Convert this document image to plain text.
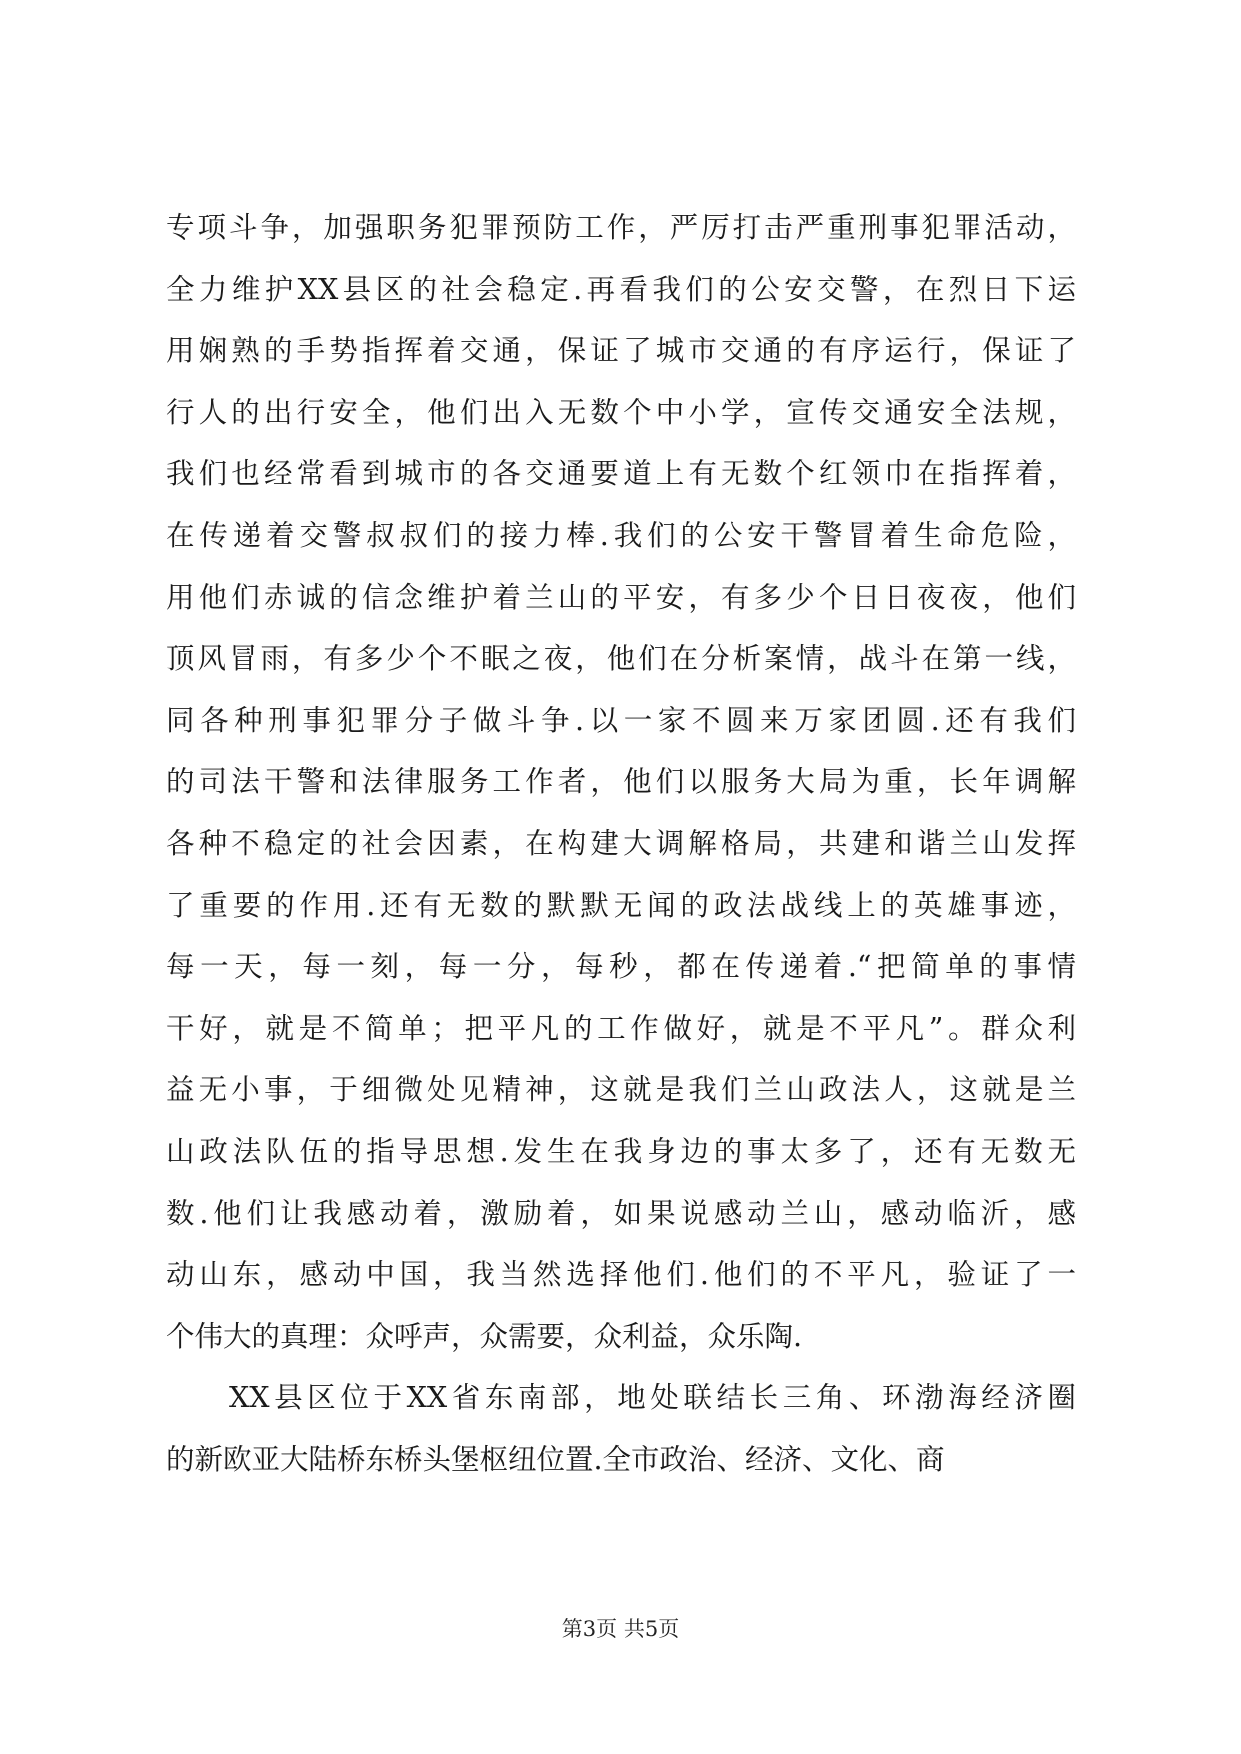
专项斗争，加强职务犯罪预防工作，严厉打击严重刑事犯罪活动，
全力维护XX县区的社会稳定.再看我们的公安交警，在烈日下运
用娴熟的手势指挥着交通，保证了城市交通的有序运行，保证了
行人的出行安全，他们出入无数个中小学，宣传交通安全法规，
我们也经常看到城市的各交通要道上有无数个红领巾在指挥着，
在传递着交警叔叔们的接力棒.我们的公安干警冒着生命危险，
用他们赤诚的信念维护着兰山的平安，有多少个日日夜夜，他们
顶风冒雨，有多少个不眠之夜，他们在分析案情，战斗在第一线，
同各种刑事犯罪分子做斗争.以一家不圆来万家团圆.还有我们
的司法干警和法律服务工作者，他们以服务大局为重，长年调解
各种不稳定的社会因素，在构建大调解格局，共建和谐兰山发挥
了重要的作用.还有无数的默默无闻的政法战线上的英雄事迹，
每一天，每一刻，每一分，每秒，都在传递着.“把简单的事情
干好，就是不简单；把平凡的工作做好，就是不平凡”。群众利
益无小事，于细微处见精神，这就是我们兰山政法人，这就是兰
山政法队伍的指导思想.发生在我身边的事太多了，还有无数无
数.他们让我感动着，激励着，如果说感动兰山，感动临沂，感
动山东，感动中国，我当然选择他们.他们的不平凡，验证了一
个伟大的真理：众呼声，众需要，众利益，众乐陶.
XX县区位于XX省东南部，地处联结长三角、环渤海经济圈
的新欧亚大陆桥东桥头堡枢纽位置.全市政治、经济、文化、商
第3页 共5页
